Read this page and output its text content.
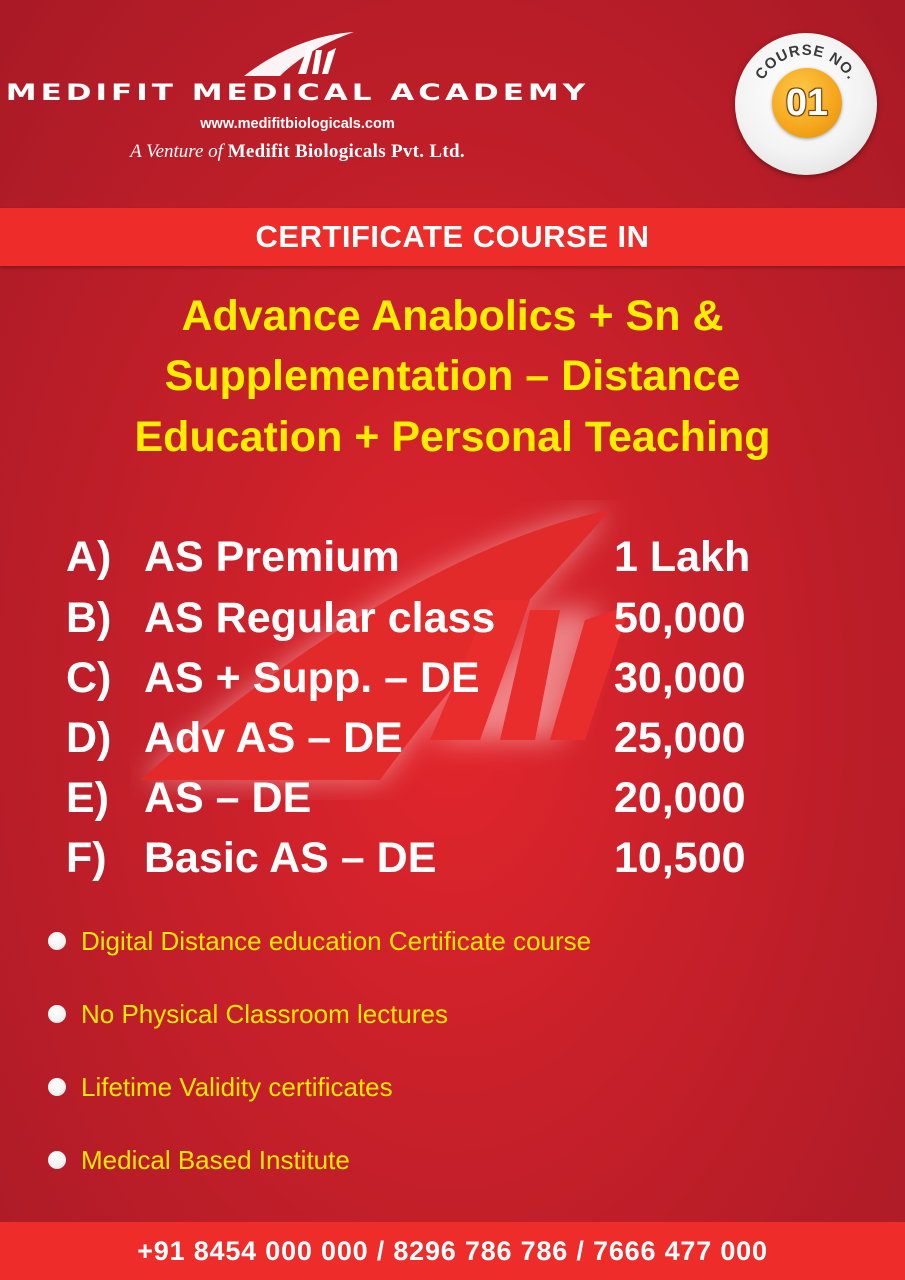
MEDIFIT MEDICAL ACADEMY
www.medifitbiologicals.com
A Venture of Medifit Biologicals Pvt. Ltd.
COURSE NO.
01
CERTIFICATE COURSE IN
Advance Anabolics + Sn &
Supplementation – Distance
Education + Personal Teaching
A) AS Premium	1 Lakh
B) AS Regular class	50,000
C) AS + Supp. – DE	30,000
D) Adv AS – DE	25,000
E) AS – DE	20,000
F) Basic AS – DE	10,500
Digital Distance education Certificate course
No Physical Classroom lectures
Lifetime Validity certificates
Medical Based Institute
+91 8454 000 000 / 8296 786 786 / 7666 477 000
